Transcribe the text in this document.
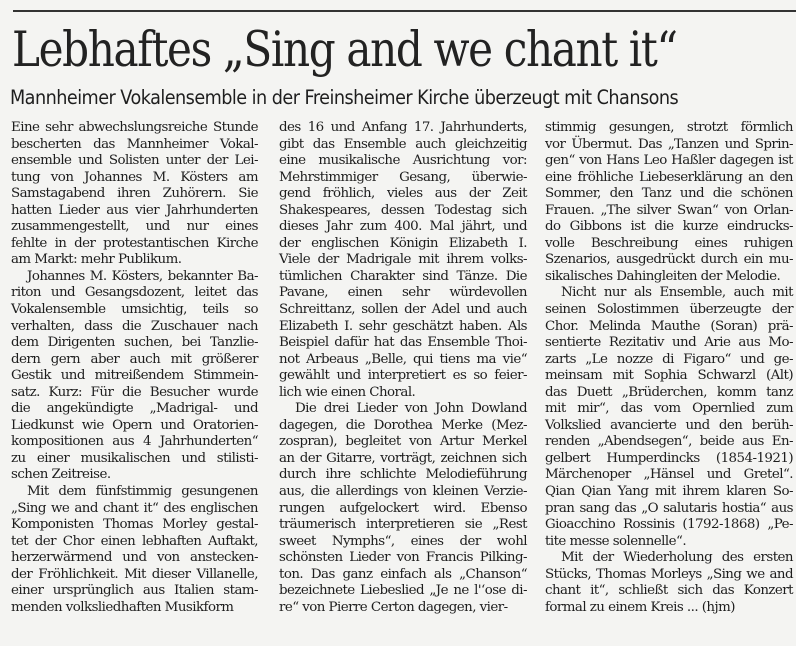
Lebhaftes „Sing and we chant it“
Mannheimer Vokalensemble in der Freinsheimer Kirche überzeugt mit Chansons
Eine sehr abwechslungsreiche Stunde
bescherten das Mannheimer Vokal-
ensemble und Solisten unter der Lei-
tung von Johannes M. Kösters am
Samstagabend ihren Zuhörern. Sie
hatten Lieder aus vier Jahrhunderten
zusammengestellt, und nur eines
fehlte in der protestantischen Kirche
am Markt: mehr Publikum.
Johannes M. Kösters, bekannter Ba-
riton und Gesangsdozent, leitet das
Vokalensemble umsichtig, teils so
verhalten, dass die Zuschauer nach
dem Dirigenten suchen, bei Tanzlie-
dern gern aber auch mit größerer
Gestik und mitreißendem Stimmein-
satz. Kurz: Für die Besucher wurde
die angekündigte „Madrigal- und
Liedkunst wie Opern und Oratorien-
kompositionen aus 4 Jahrhunderten“
zu einer musikalischen und stilisti-
schen Zeitreise.
Mit dem fünfstimmig gesungenen
„Sing we and chant it“ des englischen
Komponisten Thomas Morley gestal-
tet der Chor einen lebhaften Auftakt,
herzerwärmend und von anstecken-
der Fröhlichkeit. Mit dieser Villanelle,
einer ursprünglich aus Italien stam-
menden volksliedhaften Musikform
des 16 und Anfang 17. Jahrhunderts,
gibt das Ensemble auch gleichzeitig
eine musikalische Ausrichtung vor:
Mehrstimmiger Gesang, überwie-
gend fröhlich, vieles aus der Zeit
Shakespeares, dessen Todestag sich
dieses Jahr zum 400. Mal jährt, und
der englischen Königin Elizabeth I.
Viele der Madrigale mit ihrem volks-
tümlichen Charakter sind Tänze. Die
Pavane, einen sehr würdevollen
Schreittanz, sollen der Adel und auch
Elizabeth I. sehr geschätzt haben. Als
Beispiel dafür hat das Ensemble Thoi-
not Arbeaus „Belle, qui tiens ma vie“
gewählt und interpretiert es so feier-
lich wie einen Choral.
Die drei Lieder von John Dowland
dagegen, die Dorothea Merke (Mez-
zospran), begleitet von Artur Merkel
an der Gitarre, vorträgt, zeichnen sich
durch ihre schlichte Melodieführung
aus, die allerdings von kleinen Verzie-
rungen aufgelockert wird. Ebenso
träumerisch interpretieren sie „Rest
sweet Nymphs“, eines der wohl
schönsten Lieder von Francis Pilking-
ton. Das ganz einfach als „Chanson“
bezeichnete Liebeslied „Je ne l'‘ose di-
re“ von Pierre Certon dagegen, vier-
stimmig gesungen, strotzt förmlich
vor Übermut. Das „Tanzen und Sprin-
gen“ von Hans Leo Haßler dagegen ist
eine fröhliche Liebeserklärung an den
Sommer, den Tanz und die schönen
Frauen. „The silver Swan“ von Orlan-
do Gibbons ist die kurze eindrucks-
volle Beschreibung eines ruhigen
Szenarios, ausgedrückt durch ein mu-
sikalisches Dahingleiten der Melodie.
Nicht nur als Ensemble, auch mit
seinen Solostimmen überzeugte der
Chor. Melinda Mauthe (Soran) prä-
sentierte Rezitativ und Arie aus Mo-
zarts „Le nozze di Figaro“ und ge-
meinsam mit Sophia Schwarzl (Alt)
das Duett „Brüderchen, komm tanz
mit mir“, das vom Opernlied zum
Volkslied avancierte und den berüh-
renden „Abendsegen“, beide aus En-
gelbert Humperdincks (1854-1921)
Märchenoper „Hänsel und Gretel“.
Qian Qian Yang mit ihrem klaren So-
pran sang das „O salutaris hostia“ aus
Gioacchino Rossinis (1792-1868) „Pe-
tite messe solennelle“.
Mit der Wiederholung des ersten
Stücks, Thomas Morleys „Sing we and
chant it“, schließt sich das Konzert
formal zu einem Kreis ... (hjm)
